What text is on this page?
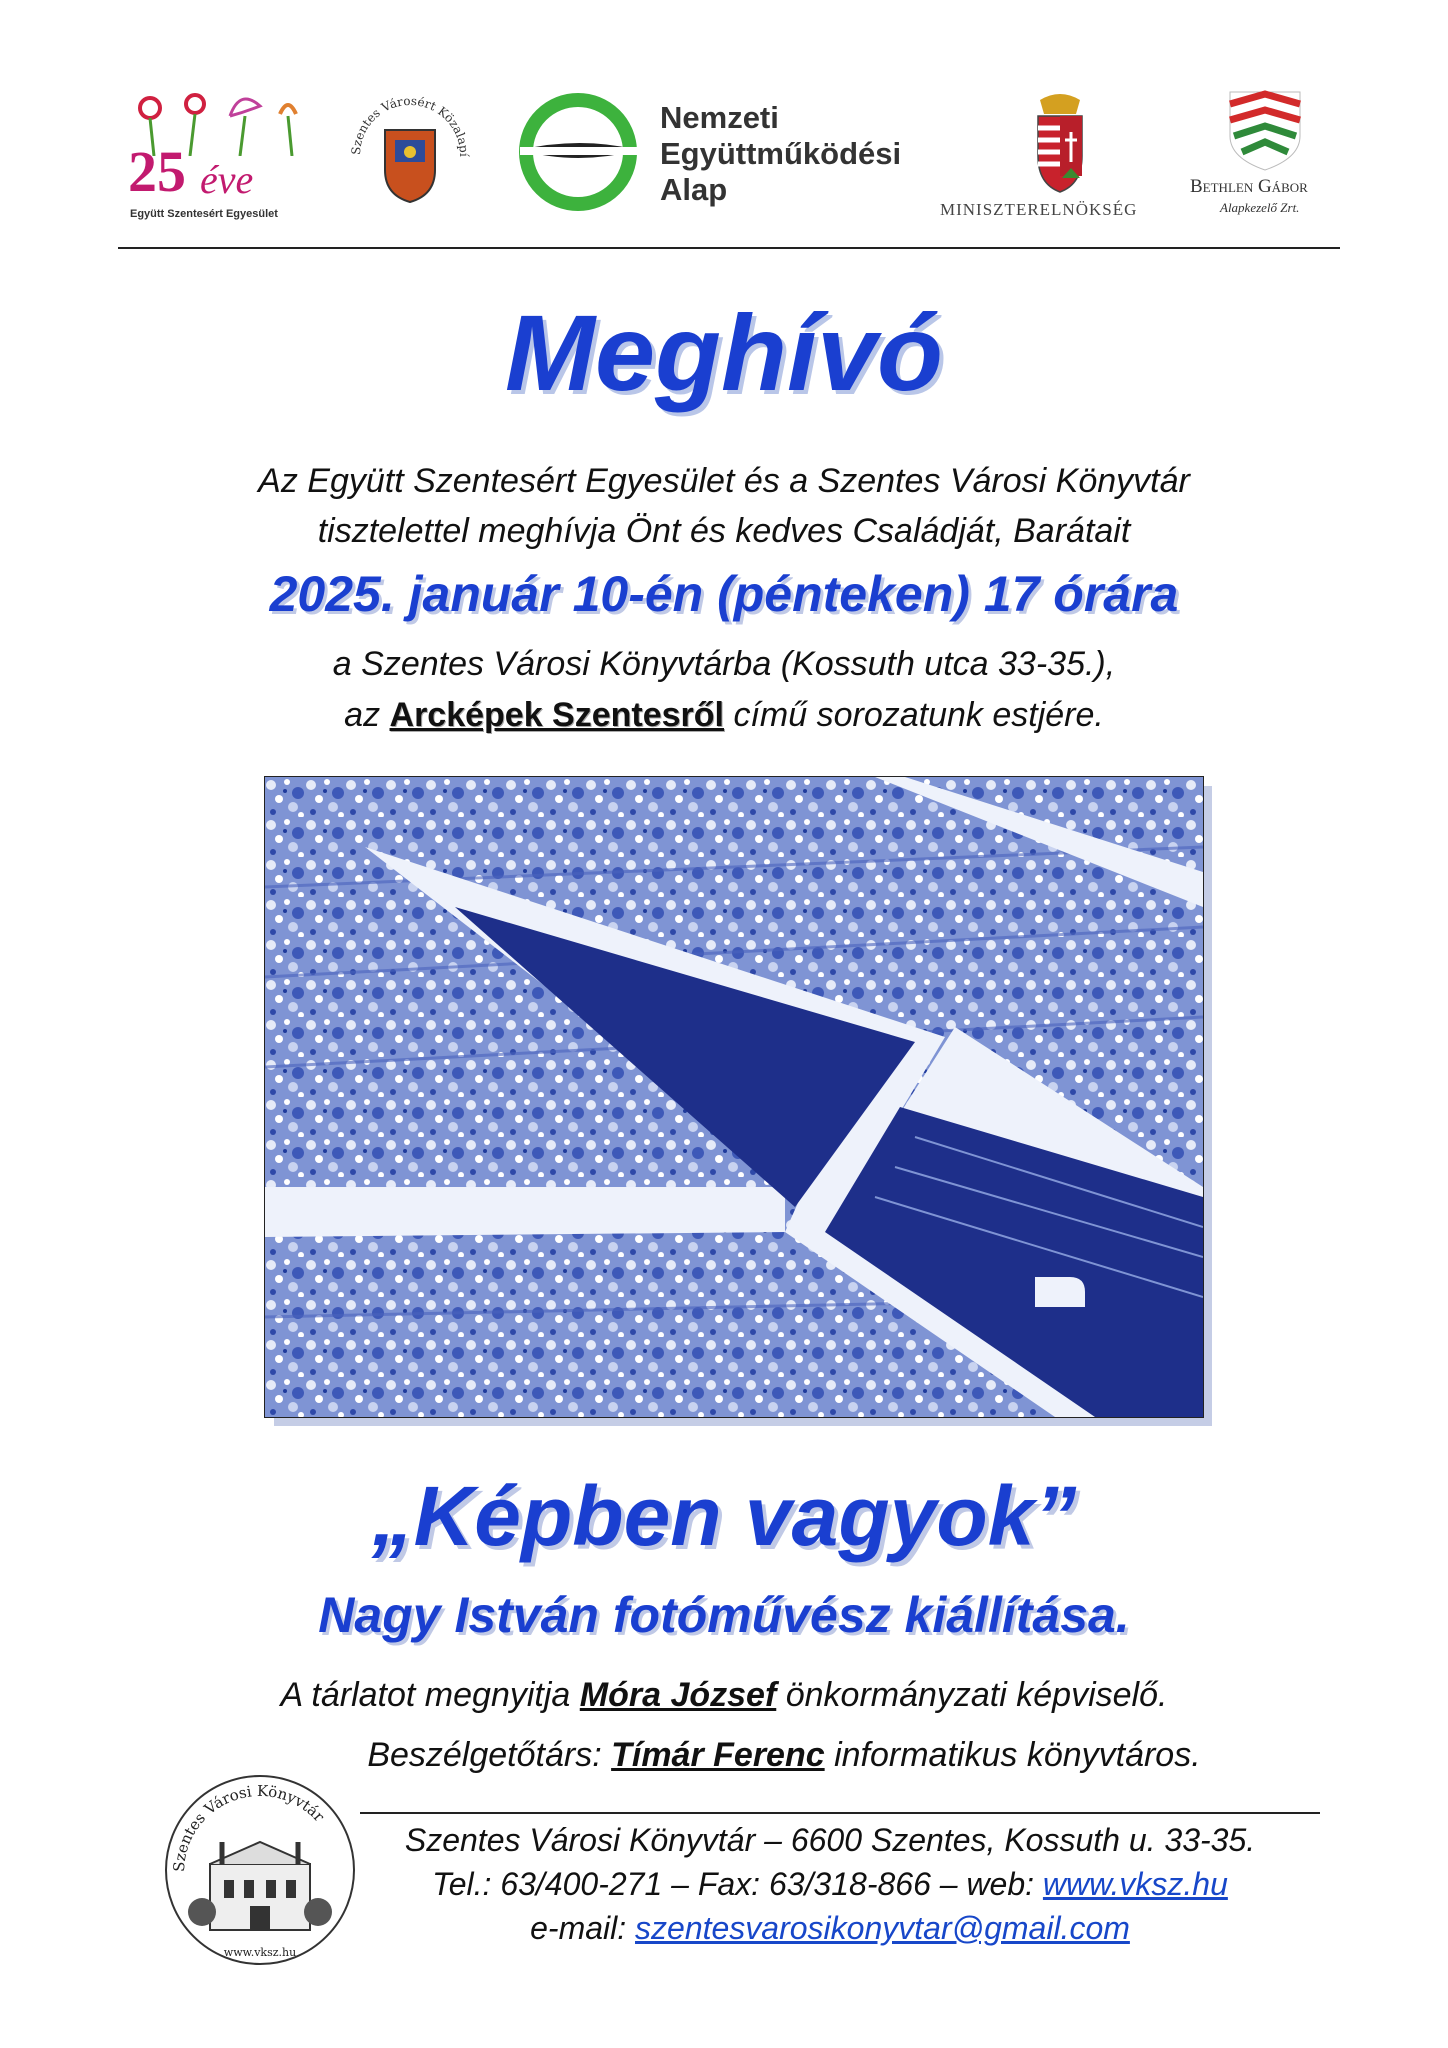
25 éve
Együtt Szentesért Egyesület
Szentes Városért Közalapí
Nemzeti
Együttműködési
Alap
MINISZTERELNÖKSÉG
Bethlen Gábor
Alapkezelő Zrt.
Meghívó
Az Együtt Szentesért Egyesület és a Szentes Városi Könyvtár
tisztelettel meghívja Önt és kedves Családját, Barátait
2025. január 10-én (pénteken) 17 órára
a Szentes Városi Könyvtárba (Kossuth utca 33-35.),
az Arcképek Szentesről című sorozatunk estjére.
„Képben vagyok”
Nagy István fotóművész kiállítása.
A tárlatot megnyitja Móra József önkormányzati képviselő.
Beszélgetőtárs: Tímár Ferenc informatikus könyvtáros.
Szentes Városi Könyvtár
www.vksz.hu
Szentes Városi Könyvtár – 6600 Szentes, Kossuth u. 33-35.
Tel.: 63/400-271 – Fax: 63/318-866 – web: www.vksz.hu
e-mail: szentesvarosikonyvtar@gmail.com
